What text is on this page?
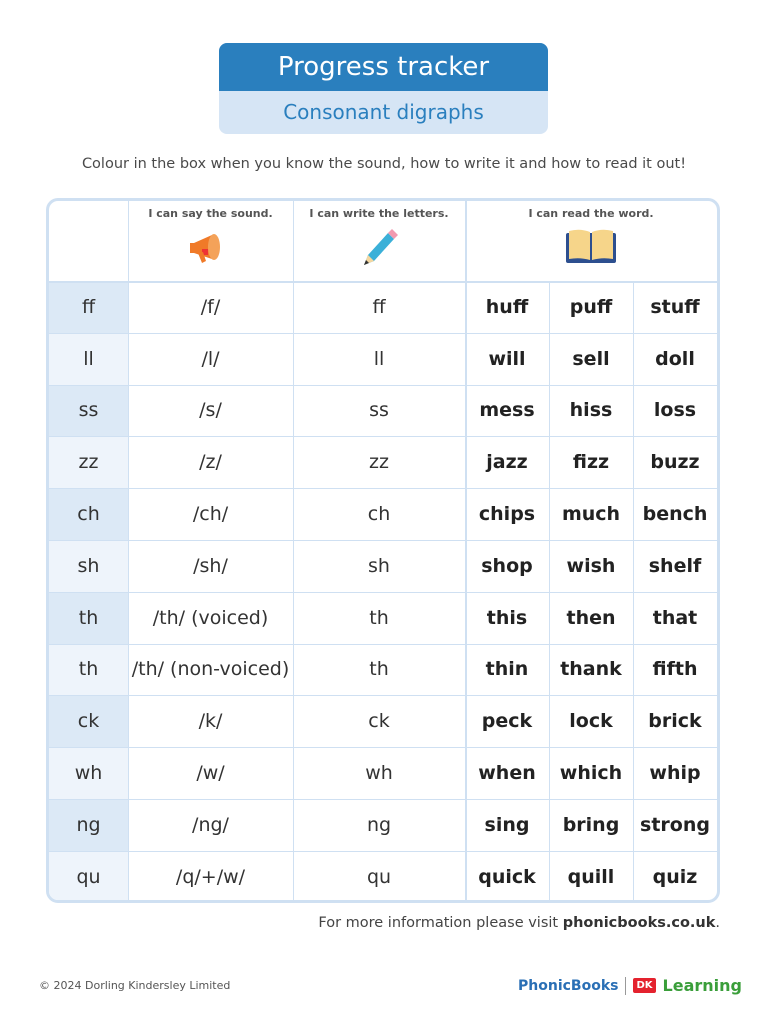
Progress tracker
Consonant digraphs
Colour in the box when you know the sound, how to write it and how to read it out!
I can say the sound.	I can write the letters.	I can read the word.
ff	/f/	ff	huff puff stuff
ll	/l/	ll	will sell doll
ss	/s/	ss	mess hiss loss
zz	/z/	zz	jazz fizz buzz
ch	/ch/	ch	chips much bench
sh	/sh/	sh	shop wish shelf
th	/th/ (voiced)	th	this then that
th /th/ (non-voiced)	th	thin thank fifth
ck	/k/	ck	peck lock brick
wh	/w/	wh	when which whip
ng	/ng/	ng	sing bring strong
qu	/q/+/w/	qu	quick quill quiz
For more information please visit phonicbooks.co.uk.
© 2024 Dorling Kindersley Limited	PhonicBooks	DK Learning
